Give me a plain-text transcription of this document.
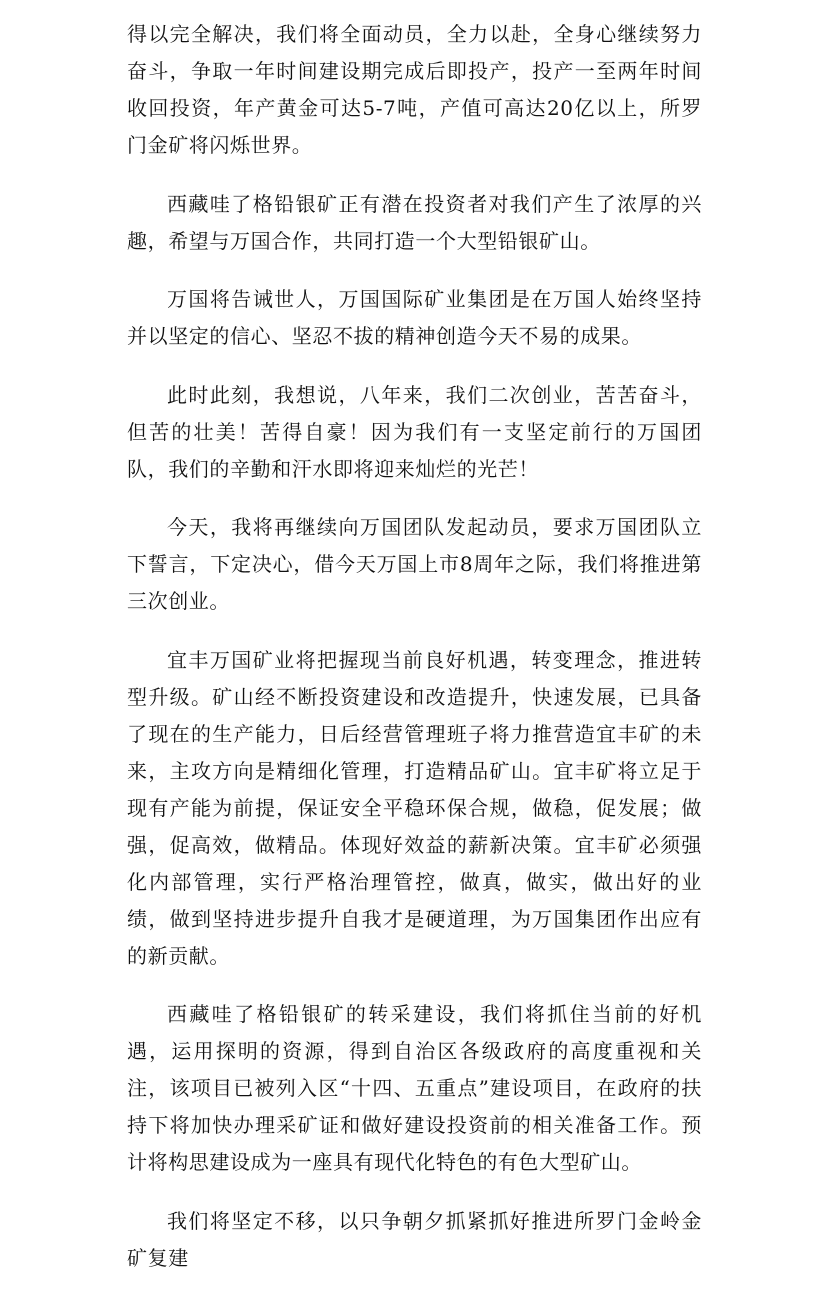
得以完全解决，我们将全面动员，全力以赴，全身心继续努力奋斗，争取一年时间建设期完成后即投产，投产一至两年时间收回投资，年产黄金可达5-7吨，产值可高达20亿以上，所罗门金矿将闪烁世界。

西藏哇了格铅银矿正有潜在投资者对我们产生了浓厚的兴趣，希望与万国合作，共同打造一个大型铅银矿山。

万国将告诫世人，万国国际矿业集团是在万国人始终坚持并以坚定的信心、坚忍不拔的精神创造今天不易的成果。

此时此刻，我想说，八年来，我们二次创业，苦苦奋斗，但苦的壮美！苦得自豪！因为我们有一支坚定前行的万国团队，我们的辛勤和汗水即将迎来灿烂的光芒！

今天，我将再继续向万国团队发起动员，要求万国团队立下誓言，下定决心，借今天万国上市8周年之际，我们将推进第三次创业。

宜丰万国矿业将把握现当前良好机遇，转变理念，推进转型升级。矿山经不断投资建设和改造提升，快速发展，已具备了现在的生产能力，日后经营管理班子将力推营造宜丰矿的未来，主攻方向是精细化管理，打造精品矿山。宜丰矿将立足于现有产能为前提，保证安全平稳环保合规，做稳，促发展；做强，促高效，做精品。体现好效益的薪新决策。宜丰矿必须强化内部管理，实行严格治理管控，做真，做实，做出好的业绩，做到坚持进步提升自我才是硬道理，为万国集团作出应有的新贡献。

西藏哇了格铅银矿的转采建设，我们将抓住当前的好机遇，运用探明的资源，得到自治区各级政府的高度重视和关注，该项目已被列入区“十四、五重点”建设项目，在政府的扶持下将加快办理采矿证和做好建设投资前的相关准备工作。预计将构思建设成为一座具有现代化特色的有色大型矿山。

我们将坚定不移，以只争朝夕抓紧抓好推进所罗门金岭金矿复建
